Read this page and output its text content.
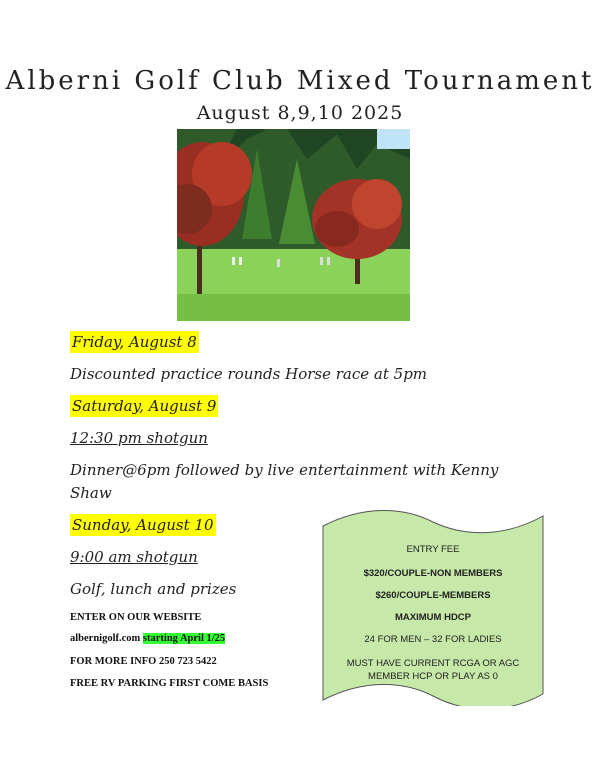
Alberni Golf Club Mixed Tournament
August 8,9,10 2025
Friday, August 8
Discounted practice rounds Horse race at 5pm
Saturday, August 9
12:30 pm shotgun
Dinner@6pm followed by live entertainment with Kenny
Shaw
Sunday, August 10
9:00 am shotgun
Golf, lunch and prizes
ENTER ON OUR WEBSITE
albernigolf.com starting April 1/25
FOR MORE INFO 250 723 5422
FREE RV PARKING FIRST COME BASIS
ENTRY FEE
$320/COUPLE-NON MEMBERS
$260/COUPLE-MEMBERS
MAXIMUM HDCP
24 FOR MEN – 32 FOR LADIES
MUST HAVE CURRENT RCGA OR AGC
MEMBER HCP OR PLAY AS 0
